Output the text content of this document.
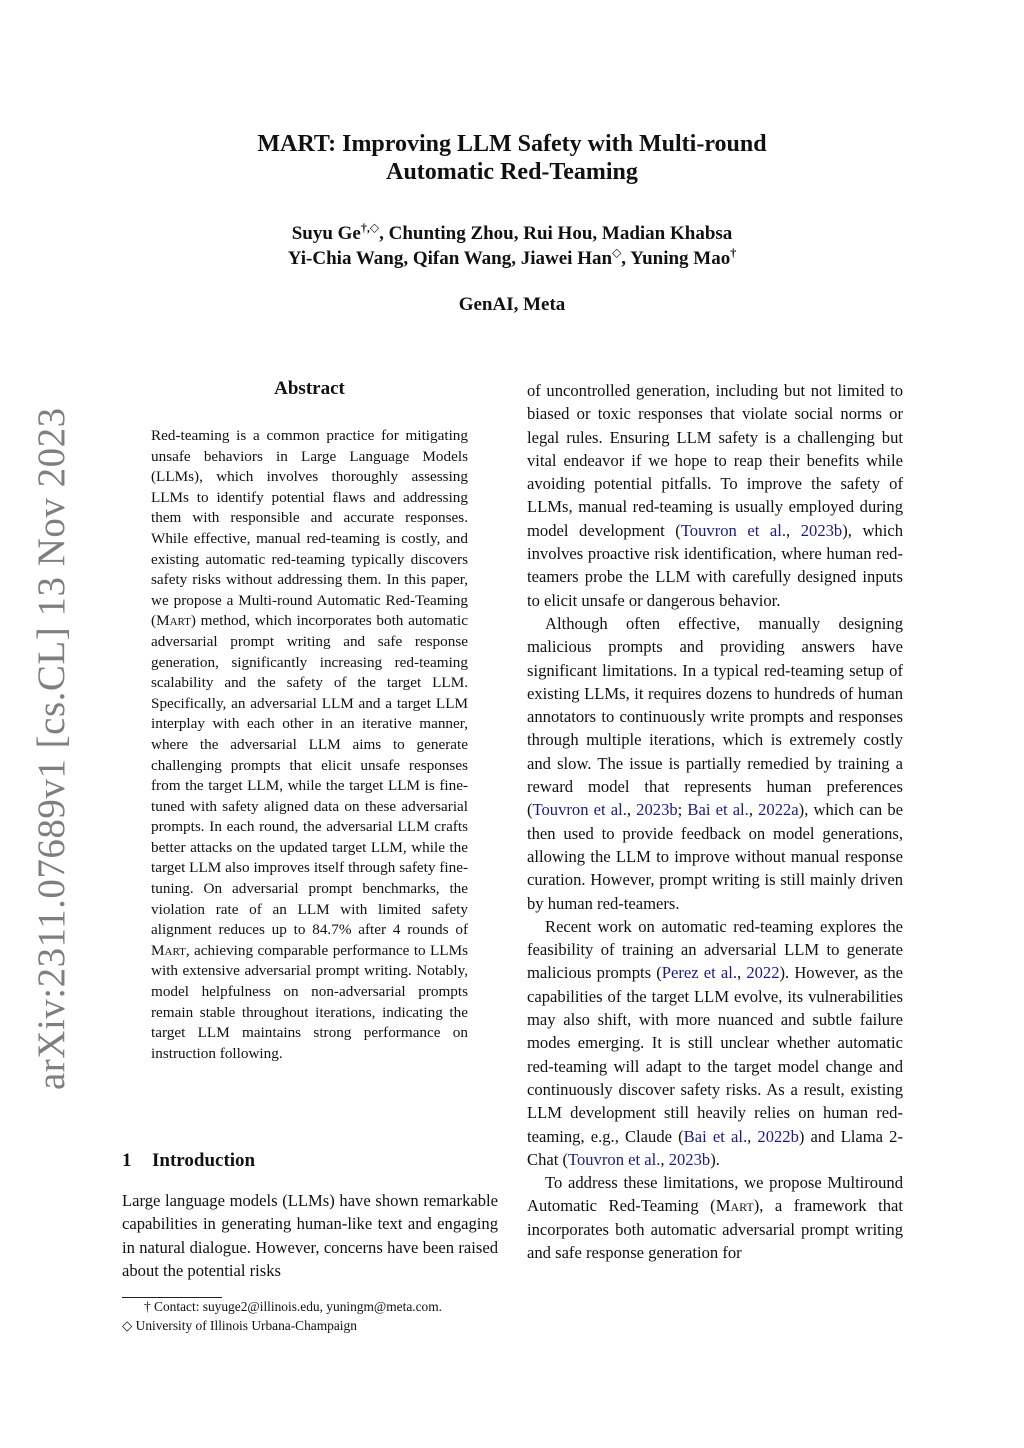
arXiv:2311.07689v1 [cs.CL] 13 Nov 2023
MART: Improving LLM Safety with Multi-round
Automatic Red-Teaming
Suyu Ge†,◇, Chunting Zhou, Rui Hou, Madian Khabsa
Yi-Chia Wang, Qifan Wang, Jiawei Han◇, Yuning Mao†
GenAI, Meta
Abstract

Red-teaming is a common practice for mitigating unsafe behaviors in Large Language Models (LLMs), which involves thoroughly assessing LLMs to identify potential flaws and addressing them with responsible and accurate responses. While effective, manual red-teaming is costly, and existing automatic red-teaming typically discovers safety risks without addressing them. In this paper, we propose a Multi-round Automatic Red-Teaming (Mart) method, which incorporates both automatic adversarial prompt writing and safe response generation, significantly increasing red-teaming scalability and the safety of the target LLM. Specifically, an adversarial LLM and a target LLM interplay with each other in an iterative manner, where the adversarial LLM aims to generate challenging prompts that elicit unsafe responses from the target LLM, while the target LLM is fine-tuned with safety aligned data on these adversarial prompts. In each round, the adversarial LLM crafts better attacks on the updated target LLM, while the target LLM also improves itself through safety fine-tuning. On adversarial prompt benchmarks, the violation rate of an LLM with limited safety alignment reduces up to 84.7% after 4 rounds of Mart, achieving comparable performance to LLMs with extensive adversarial prompt writing. Notably, model helpfulness on non-adversarial prompts remain stable throughout iterations, indicating the target LLM maintains strong performance on instruction following.

1 Introduction

Large language models (LLMs) have shown remarkable capabilities in generating human-like text and engaging in natural dialogue. However, concerns have been raised about the potential risks

† Contact: suyuge2@illinois.edu, yuningm@meta.com.
◇ University of Illinois Urbana-Champaign

of uncontrolled generation, including but not limited to biased or toxic responses that violate social norms or legal rules. Ensuring LLM safety is a challenging but vital endeavor if we hope to reap their benefits while avoiding potential pitfalls. To improve the safety of LLMs, manual red-teaming is usually employed during model development (Touvron et al., 2023b), which involves proactive risk identification, where human red-teamers probe the LLM with carefully designed inputs to elicit unsafe or dangerous behavior.

Although often effective, manually designing malicious prompts and providing answers have significant limitations. In a typical red-teaming setup of existing LLMs, it requires dozens to hundreds of human annotators to continuously write prompts and responses through multiple iterations, which is extremely costly and slow. The issue is partially remedied by training a reward model that represents human preferences (Touvron et al., 2023b; Bai et al., 2022a), which can be then used to provide feedback on model generations, allowing the LLM to improve without manual response curation. However, prompt writing is still mainly driven by human red-teamers.

Recent work on automatic red-teaming explores the feasibility of training an adversarial LLM to generate malicious prompts (Perez et al., 2022). However, as the capabilities of the target LLM evolve, its vulnerabilities may also shift, with more nuanced and subtle failure modes emerging. It is still unclear whether automatic red-teaming will adapt to the target model change and continuously discover safety risks. As a result, existing LLM development still heavily relies on human red-teaming, e.g., Claude (Bai et al., 2022b) and Llama 2-Chat (Touvron et al., 2023b).

To address these limitations, we propose Multiround Automatic Red-Teaming (Mart), a framework that incorporates both automatic adversarial prompt writing and safe response generation for
